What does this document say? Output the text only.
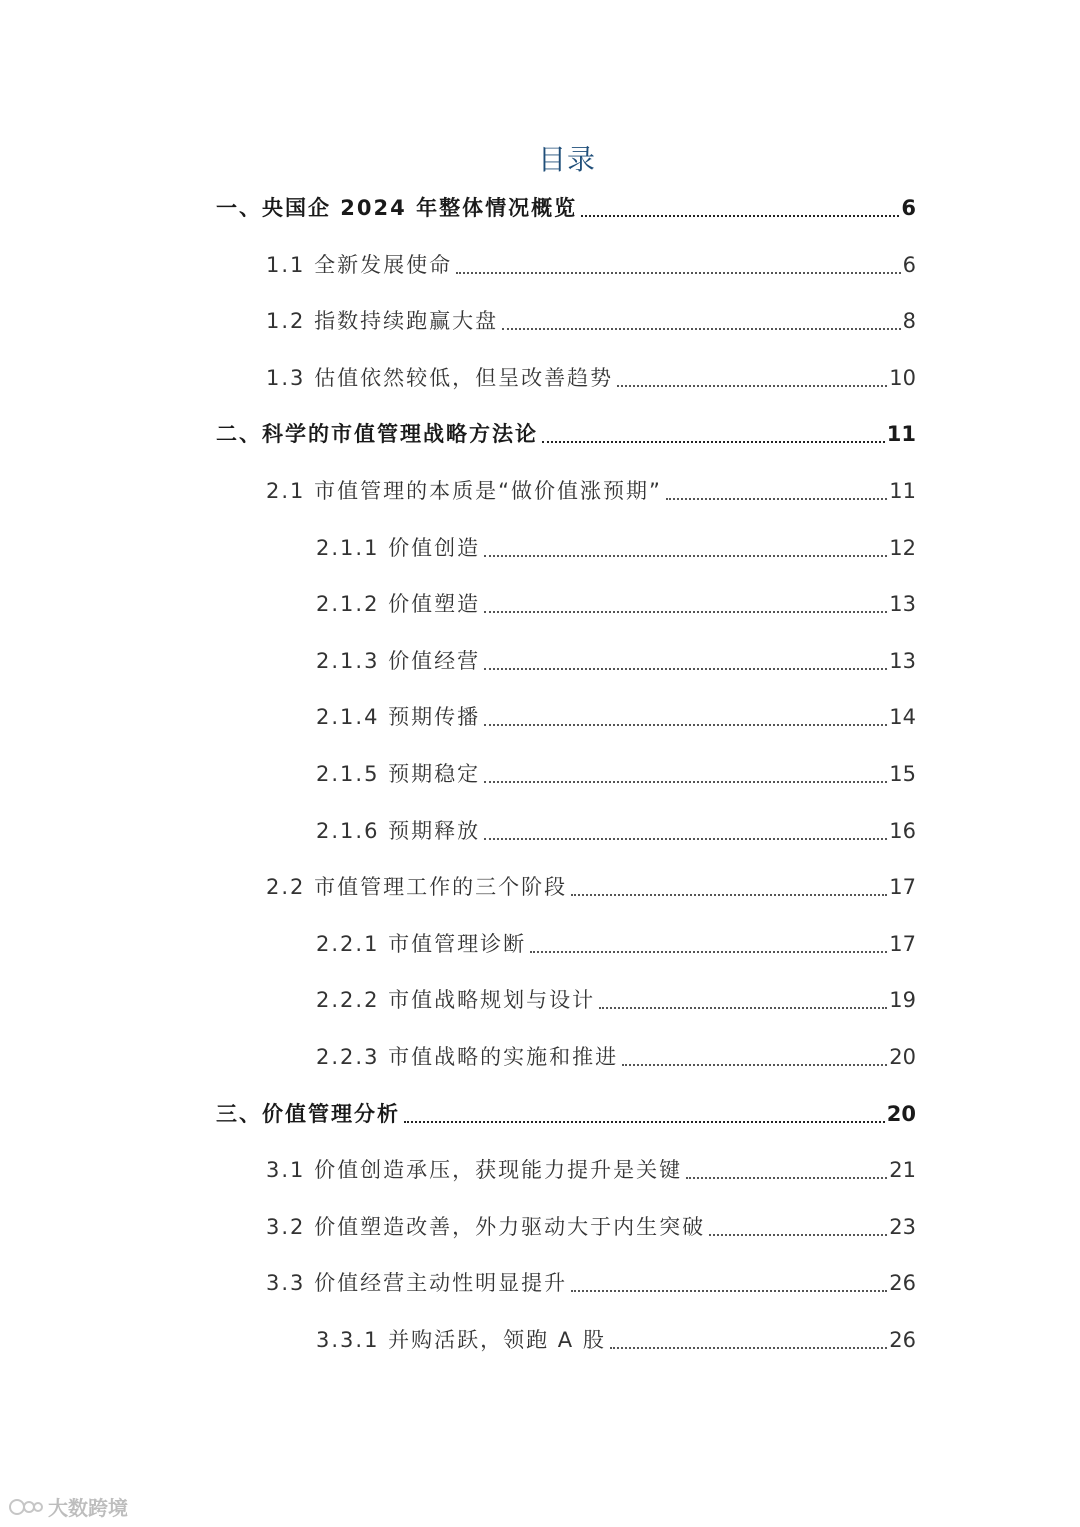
目录
一、央国企 2024 年整体情况概览	6
1.1 全新发展使命	6
1.2 指数持续跑赢大盘	8
1.3 估值依然较低，但呈改善趋势	10
二、科学的市值管理战略方法论	11
2.1 市值管理的本质是“做价值涨预期”	11
2.1.1 价值创造	12
2.1.2 价值塑造	13
2.1.3 价值经营	13
2.1.4 预期传播	14
2.1.5 预期稳定	15
2.1.6 预期释放	16
2.2 市值管理工作的三个阶段	17
2.2.1 市值管理诊断	17
2.2.2 市值战略规划与设计	19
2.2.3 市值战略的实施和推进	20
三、价值管理分析	20
3.1 价值创造承压，获现能力提升是关键	21
3.2 价值塑造改善，外力驱动大于内生突破	23
3.3 价值经营主动性明显提升	26
3.3.1 并购活跃，领跑 A 股	26
大数跨境
